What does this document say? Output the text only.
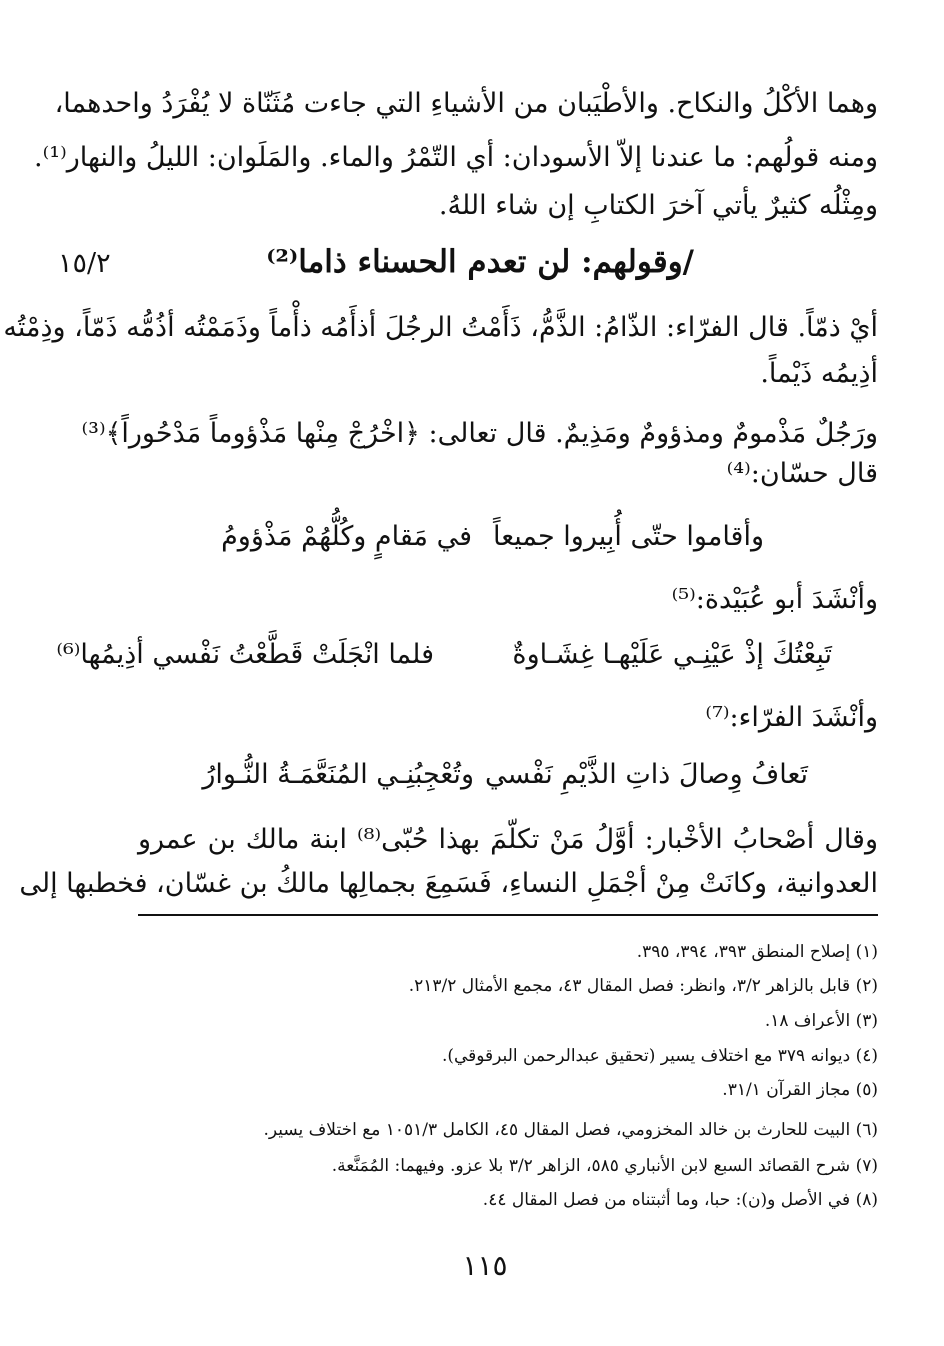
وهما الأكْلُ والنكاح. والأطْيَبان من الأشياءِ التي جاءت مُثَنّاة لا يُفْرَدُ واحدهما،
ومنه قولُهم: ما عندنا إلاّ الأسودان: أي التّمْرُ والماء. والمَلَوان: الليلُ والنهار⁽¹⁾.
ومِثْلُه كثيرٌ يأتي آخرَ الكتابِ إن شاء اللهُ.
/وقولهم: لن تعدم الحسناء ذاما⁽²⁾
١٥/٢
أيْ ذمّاً. قال الفرّاء: الذّامُ: الذَّمُّ، ذَأَمْتُ الرجُلَ أذأَمُه ذأْماً وذَمَمْتُه أذُمُّه ذَمّاً، وذِمْتُه
أذِيمُه ذَيْماً.
ورَجُلٌ مَذْمومٌ ومذؤومٌ ومَذِيمٌ. قال تعالى: ﴿اخْرُجْ مِنْها مَذْؤوماً مَدْحُوراً﴾⁽³⁾
قال حسّان:⁽⁴⁾
وأقاموا حتّى أُبِيروا جميعاً
في مَقامٍ وكُلُّهُمْ مَذْؤومُ
وأنْشَدَ أبو عُبَيْدة:⁽⁵⁾
تَبِعْتُكَ إذْ عَيْنِـي عَلَيْهـا غِشَـاوةٌ
فلما انْجَلَتْ قَطَّعْتُ نَفْسي أذِيمُها⁽⁶⁾
وأنْشَدَ الفرّاء:⁽⁷⁾
تَعافُ وِصالَ ذاتِ الذَّيْمِ نَفْسي
وتُعْجِبُنِـي المُنَعَّمَـةُ النُّـوارُ
وقال أصْحابُ الأخْبار: أوَّلُ مَنْ تكلّمَ بهذا حُبّى⁽⁸⁾ ابنة مالك بن عمرو
العدوانية، وكانَتْ مِنْ أجْمَلِ النساءِ، فَسَمِعَ بجمالِها مالكُ بن غسّان، فخطبها إلى
(١) إصلاح المنطق ٣٩٣، ٣٩٤، ٣٩٥.
(٢) قابل بالزاهر ٣/٢، وانظر: فصل المقال ٤٣، مجمع الأمثال ٢١٣/٢.
(٣) الأعراف ١٨.
(٤) ديوانه ٣٧٩ مع اختلاف يسير (تحقيق عبدالرحمن البرقوقي).
(٥) مجاز القرآن ٣١/١.
(٦) البيت للحارث بن خالد المخزومي، فصل المقال ٤٥، الكامل ١٠٥١/٣ مع اختلاف يسير.
(٧) شرح القصائد السبع لابن الأنباري ٥٨٥، الزاهر ٣/٢ بلا عزو. وفيهما: المُمَنَّعة.
(٨) في الأصل و(ن): حبا، وما أثبتناه من فصل المقال ٤٤.
١١٥
